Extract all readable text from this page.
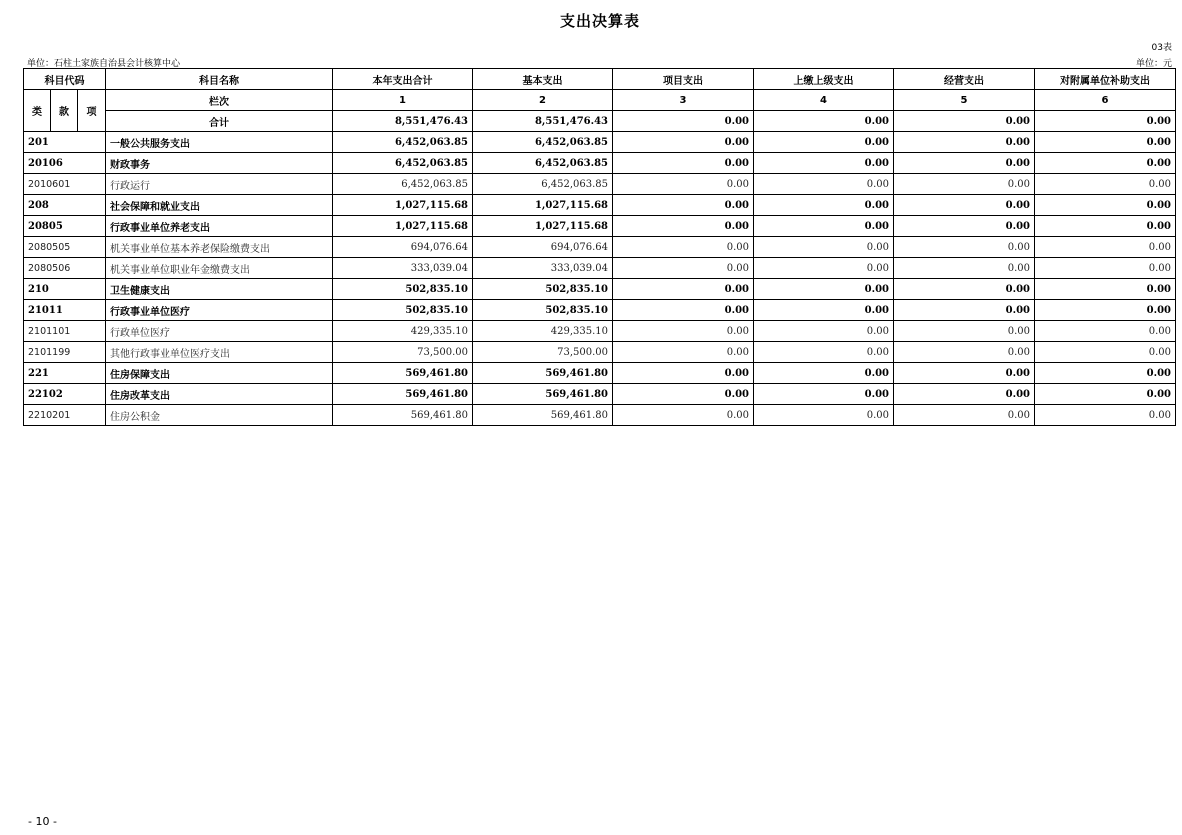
支出决算表
03表
单位：石柱土家族自治县会计核算中心	单位：元
科目代码			科目名称	本年支出合计	基本支出	项目支出	上缴上级支出	经营支出	对附属单位补助支出
类	款	项	栏次	1	2	3	4	5	6
			合计	8,551,476.43	8,551,476.43	0.00	0.00	0.00	0.00
201			一般公共服务支出	6,452,063.85	6,452,063.85	0.00	0.00	0.00	0.00
20106			财政事务	6,452,063.85	6,452,063.85	0.00	0.00	0.00	0.00
2010601			行政运行	6,452,063.85	6,452,063.85	0.00	0.00	0.00	0.00
208			社会保障和就业支出	1,027,115.68	1,027,115.68	0.00	0.00	0.00	0.00
20805			行政事业单位养老支出	1,027,115.68	1,027,115.68	0.00	0.00	0.00	0.00
2080505			机关事业单位基本养老保险缴费支出	694,076.64	694,076.64	0.00	0.00	0.00	0.00
2080506			机关事业单位职业年金缴费支出	333,039.04	333,039.04	0.00	0.00	0.00	0.00
210			卫生健康支出	502,835.10	502,835.10	0.00	0.00	0.00	0.00
21011			行政事业单位医疗	502,835.10	502,835.10	0.00	0.00	0.00	0.00
2101101			行政单位医疗	429,335.10	429,335.10	0.00	0.00	0.00	0.00
2101199			其他行政事业单位医疗支出	73,500.00	73,500.00	0.00	0.00	0.00	0.00
221			住房保障支出	569,461.80	569,461.80	0.00	0.00	0.00	0.00
22102			住房改革支出	569,461.80	569,461.80	0.00	0.00	0.00	0.00
2210201			住房公积金	569,461.80	569,461.80	0.00	0.00	0.00	0.00
- 10 -
